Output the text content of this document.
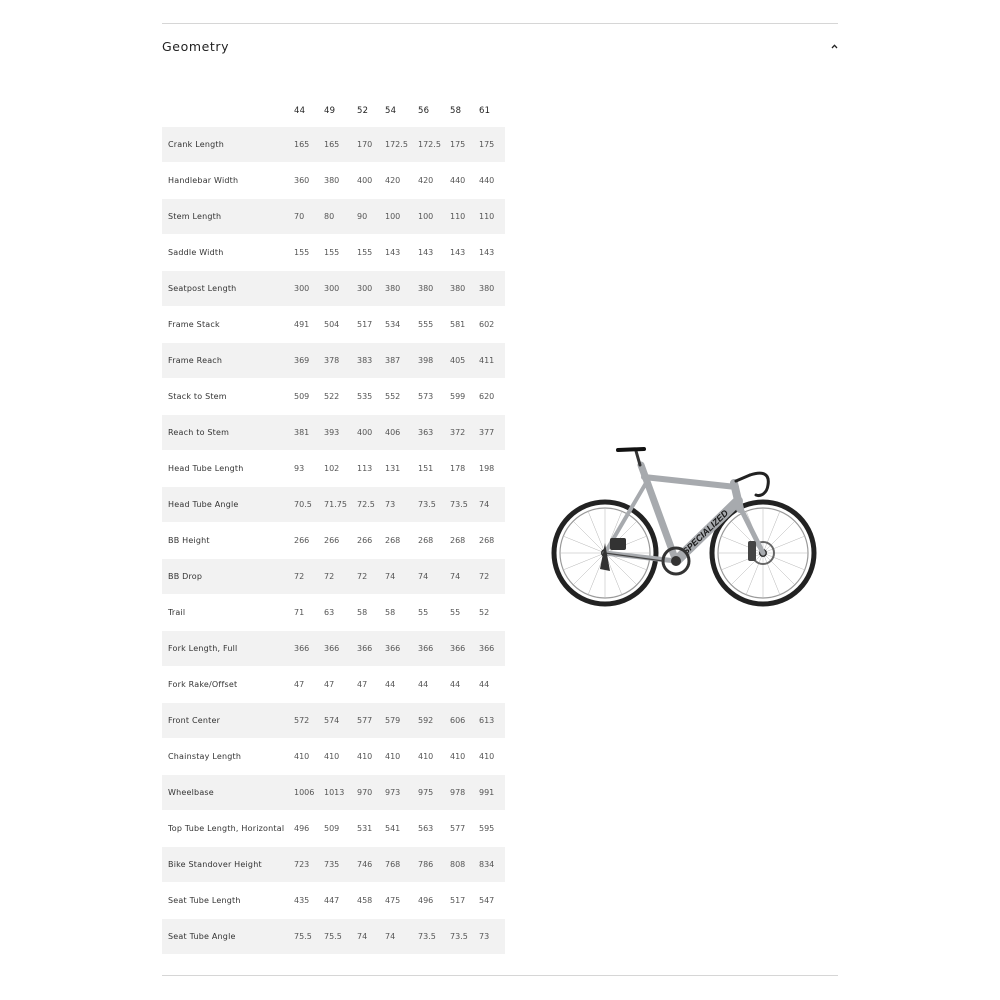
Geometry
	44	49	52	54	56	58	61
Crank Length	165	165	170	172.5	172.5	175	175
Handlebar Width	360	380	400	420	420	440	440
Stem Length	70	80	90	100	100	110	110
Saddle Width	155	155	155	143	143	143	143
Seatpost Length	300	300	300	380	380	380	380
Frame Stack	491	504	517	534	555	581	602
Frame Reach	369	378	383	387	398	405	411
Stack to Stem	509	522	535	552	573	599	620
Reach to Stem	381	393	400	406	363	372	377
Head Tube Length	93	102	113	131	151	178	198
Head Tube Angle	70.5	71.75	72.5	73	73.5	73.5	74
BB Height	266	266	266	268	268	268	268
BB Drop	72	72	72	74	74	74	72
Trail	71	63	58	58	55	55	52
Fork Length, Full	366	366	366	366	366	366	366
Fork Rake/Offset	47	47	47	44	44	44	44
Front Center	572	574	577	579	592	606	613
Chainstay Length	410	410	410	410	410	410	410
Wheelbase	1006	1013	970	973	975	978	991
Top Tube Length, Horizontal	496	509	531	541	563	577	595
Bike Standover Height	723	735	746	768	786	808	834
Seat Tube Length	435	447	458	475	496	517	547
Seat Tube Angle	75.5	75.5	74	74	73.5	73.5	73
SPECIALIZED
